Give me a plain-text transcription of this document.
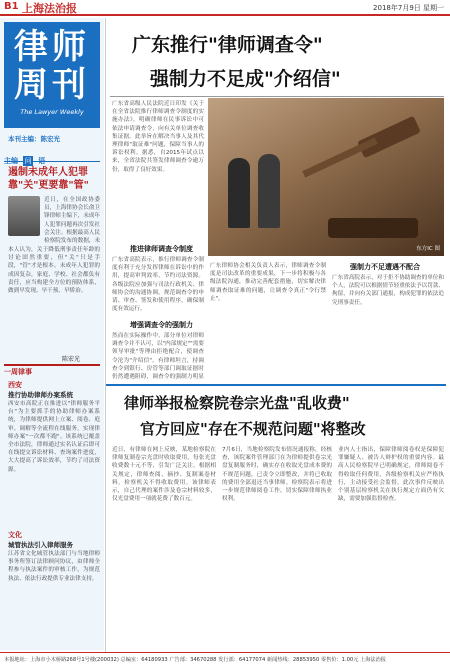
B1 上海法治报	2018年7月9日 星期一
律师
周刊
The Lawyer Weekly
本刊主编：陈宏光
主编 问 语
遏制未成年人犯罪 靠"关"更要靠"管"
近日，在全国政协委员，上海律协会长俞卫锋律师主编下，未成年人犯罪问题再次引发社会关注。根据最高人民检察院发布的数据，未
本人认为，关于降低刑事责任年龄的讨论固然重要，但"关"只是手段，"管"才是根本。未成年人犯罪的成因复杂，家庭、学校、社会都负有责任，应当构建全方位的预防体系，做到早发现、早干预、早矫治。
陈宏光
一周律事
西安
推行协助律师办案系统
西安市高院正在推进以"律师服务平台"为主要抓手的协助律师办案系统，为律师提供网上立案、阅卷、庭审、调解等全流程在线服务，实现律师办案"一次都不跑"。该系统已覆盖全市法院，律师通过实名认证后即可在线提交诉讼材料、查询案件进度，大大提高了诉讼效率，节约了司法资源。
文化
城管执法引入律师服务
江苏省文化城管执法部门与当地律师事务所签订法律顾问协议，由律师全程参与执法案件的审核工作，为规范执法、依法行政提供专业法律支持。
广东推行"律师调查令"
强制力不足成"介绍信"
广东省高级人民法院近日印发《关于在全省法院推行律师调查令制度的实施办法》，明确律师在民事诉讼中可依法申请调查令，向有关单位调查收集证据。此举旨在解决当事人及其代理律师"取证难"问题，保障当事人的诉讼权利。据悉，自2015年试点以来，全省法院共签发律师调查令逾万份，取得了良好效果。
东方IC 图
推进律师调查令制度
广东省高院表示，推行律师调查令制度有利于充分发挥律师在诉讼中的作用，提高审判效率，节约司法资源。各级法院应加强与司法行政机关、律师协会的沟通协调，规范调查令的申请、审查、签发和使用程序，确保制度有效运行。
增强调查令的强制力
然而在实际操作中，部分单位对律师调查令并不认可，以"内部规定""需要领导审批"等理由拒绝配合，使调查令沦为"介绍信"。有律师坦言，持调查令到银行、房管等部门调取证据时仍然遭遇阻碍，调查令的强制力明显
广东律师协会相关负责人表示，律师调查令制度是司法改革的重要成果，下一步将积极与各级法院沟通，推动完善配套措施，切实解决律师调查取证难的问题，让调查令真正"令行禁止"。
强制力不足遭遇不配合
广东省高院表示，对于拒不协助调查的单位和个人，法院可以根据情节轻重依法予以罚款、拘留，并向有关部门通报，构成犯罪的依法追究刑事责任。
律师举报检察院卷宗光盘"乱收费"
官方回应"存在不规范问题"将整改
近日，有律师在网上反映，某地检察院在律师复制卷宗光盘时收取费用，每张光盘收费数十元不等，引发广泛关注。根据相关规定，律师查阅、摘抄、复制案卷材料，检察机关不得收取费用。该律师表示，自己代理的案件涉及卷宗材料较多，仅光盘费用一项就花费了数百元。
7月6日，当地检察院发布情况通报称，经核查，该院案件管理部门在为律师提供卷宗光盘复制服务时，确实存在收取光盘成本费的不规范问题，已责令立即整改，并将已收取的费用全部退还当事律师。检察院表示将进一步规范律师阅卷工作，切实保障律师执业权利。
业内人士指出，保障律师阅卷权是保障犯罪嫌疑人、被告人辩护权的重要内容。最高人民检察院早已明确规定，律师阅卷不得收取任何费用，各级检察机关应严格执行，主动接受社会监督。此次事件反映出个别基层检察机关在执行规定方面仍有欠缺，需要加强监督检查。
本报地址：上海市小木桥路268号1号楼(200032) 总编室：64180933 广告部：34670288 发行部：64177074 新闻热线：28853950 零售价：1.00元 上海法治报
